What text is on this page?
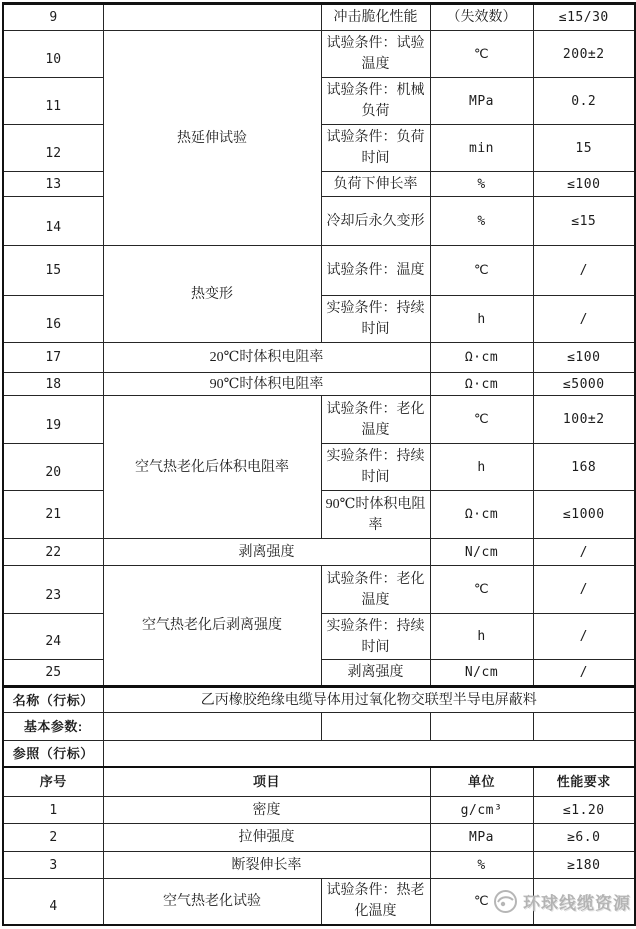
9		冲击脆化性能	（失效数）	≤15/30
10	热延伸试验	试验条件：试验温度	℃	200±2
11		试验条件：机械负荷	MPa	0.2
12		试验条件：负荷时间	min	15
13		负荷下伸长率	%	≤100
14		冷却后永久变形	%	≤15
15	热变形	试验条件：温度	℃	/
16		实验条件：持续时间	h	/
17	20℃时体积电阻率		Ω·cm	≤100
18	90℃时体积电阻率		Ω·cm	≤5000
19	空气热老化后体积电阻率	试验条件：老化温度	℃	100±2
20		实验条件：持续时间	h	168
21		90℃时体积电阻率	Ω·cm	≤1000
22	剥离强度		N/cm	/
23	空气热老化后剥离强度	试验条件：老化温度	℃	/
24		实验条件：持续时间	h	/
25		剥离强度	N/cm	/
名称（行标）	乙丙橡胶绝缘电缆导体用过氧化物交联型半导电屏蔽料			
基本参数:				
参照（行标）				
序号	项目		单位	性能要求
1	密度		g/cm³	≤1.20
2	拉伸强度		MPa	≥6.0
3	断裂伸长率		%	≥180
4	空气热老化试验	试验条件：热老化温度	℃	环球线缆资源
